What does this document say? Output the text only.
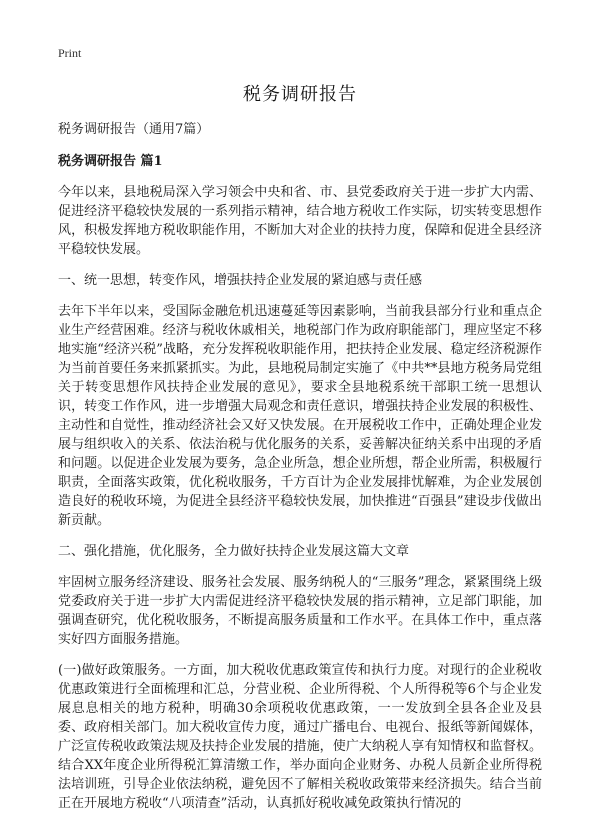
Print
税务调研报告

税务调研报告（通用7篇）

税务调研报告 篇1

今年以来，县地税局深入学习领会中央和省、市、县党委政府关于进一步扩大内需、促进经济平稳较快发展的一系列指示精神，结合地方税收工作实际，切实转变思想作风，积极发挥地方税收职能作用，不断加大对企业的扶持力度，保障和促进全县经济平稳较快发展。

一、统一思想，转变作风，增强扶持企业发展的紧迫感与责任感

去年下半年以来，受国际金融危机迅速蔓延等因素影响，当前我县部分行业和重点企业生产经营困难。经济与税收休戚相关，地税部门作为政府职能部门，理应坚定不移地实施“经济兴税”战略，充分发挥税收职能作用，把扶持企业发展、稳定经济税源作为当前首要任务来抓紧抓实。为此，县地税局制定实施了《中共**县地方税务局党组关于转变思想作风扶持企业发展的意见》，要求全县地税系统干部职工统一思想认识，转变工作作风，进一步增强大局观念和责任意识，增强扶持企业发展的积极性、主动性和自觉性，推动经济社会又好又快发展。在开展税收工作中，正确处理企业发展与组织收入的关系、依法治税与优化服务的关系，妥善解决征纳关系中出现的矛盾和问题。以促进企业发展为要务，急企业所急，想企业所想，帮企业所需，积极履行职责，全面落实政策，优化税收服务，千方百计为企业发展排忧解难，为企业发展创造良好的税收环境，为促进全县经济平稳较快发展，加快推进“百强县”建设步伐做出新贡献。

二、强化措施，优化服务，全力做好扶持企业发展这篇大文章

牢固树立服务经济建设、服务社会发展、服务纳税人的“三服务”理念，紧紧围绕上级党委政府关于进一步扩大内需促进经济平稳较快发展的指示精神，立足部门职能，加强调查研究，优化税收服务，不断提高服务质量和工作水平。在具体工作中，重点落实好四方面服务措施。

(一)做好政策服务。一方面，加大税收优惠政策宣传和执行力度。对现行的企业税收优惠政策进行全面梳理和汇总，分营业税、企业所得税、个人所得税等6个与企业发展息息相关的地方税种，明确30余项税收优惠政策，一一发放到全县各企业及县委、政府相关部门。加大税收宣传力度，通过广播电台、电视台、报纸等新闻媒体，广泛宣传税收政策法规及扶持企业发展的措施，使广大纳税人享有知情权和监督权。结合XX年度企业所得税汇算清缴工作，举办面向企业财务、办税人员新企业所得税法培训班，引导企业依法纳税，避免因不了解相关税收政策带来经济损失。结合当前正在开展地方税收“八项清查”活动，认真抓好税收减免政策执行情况的
